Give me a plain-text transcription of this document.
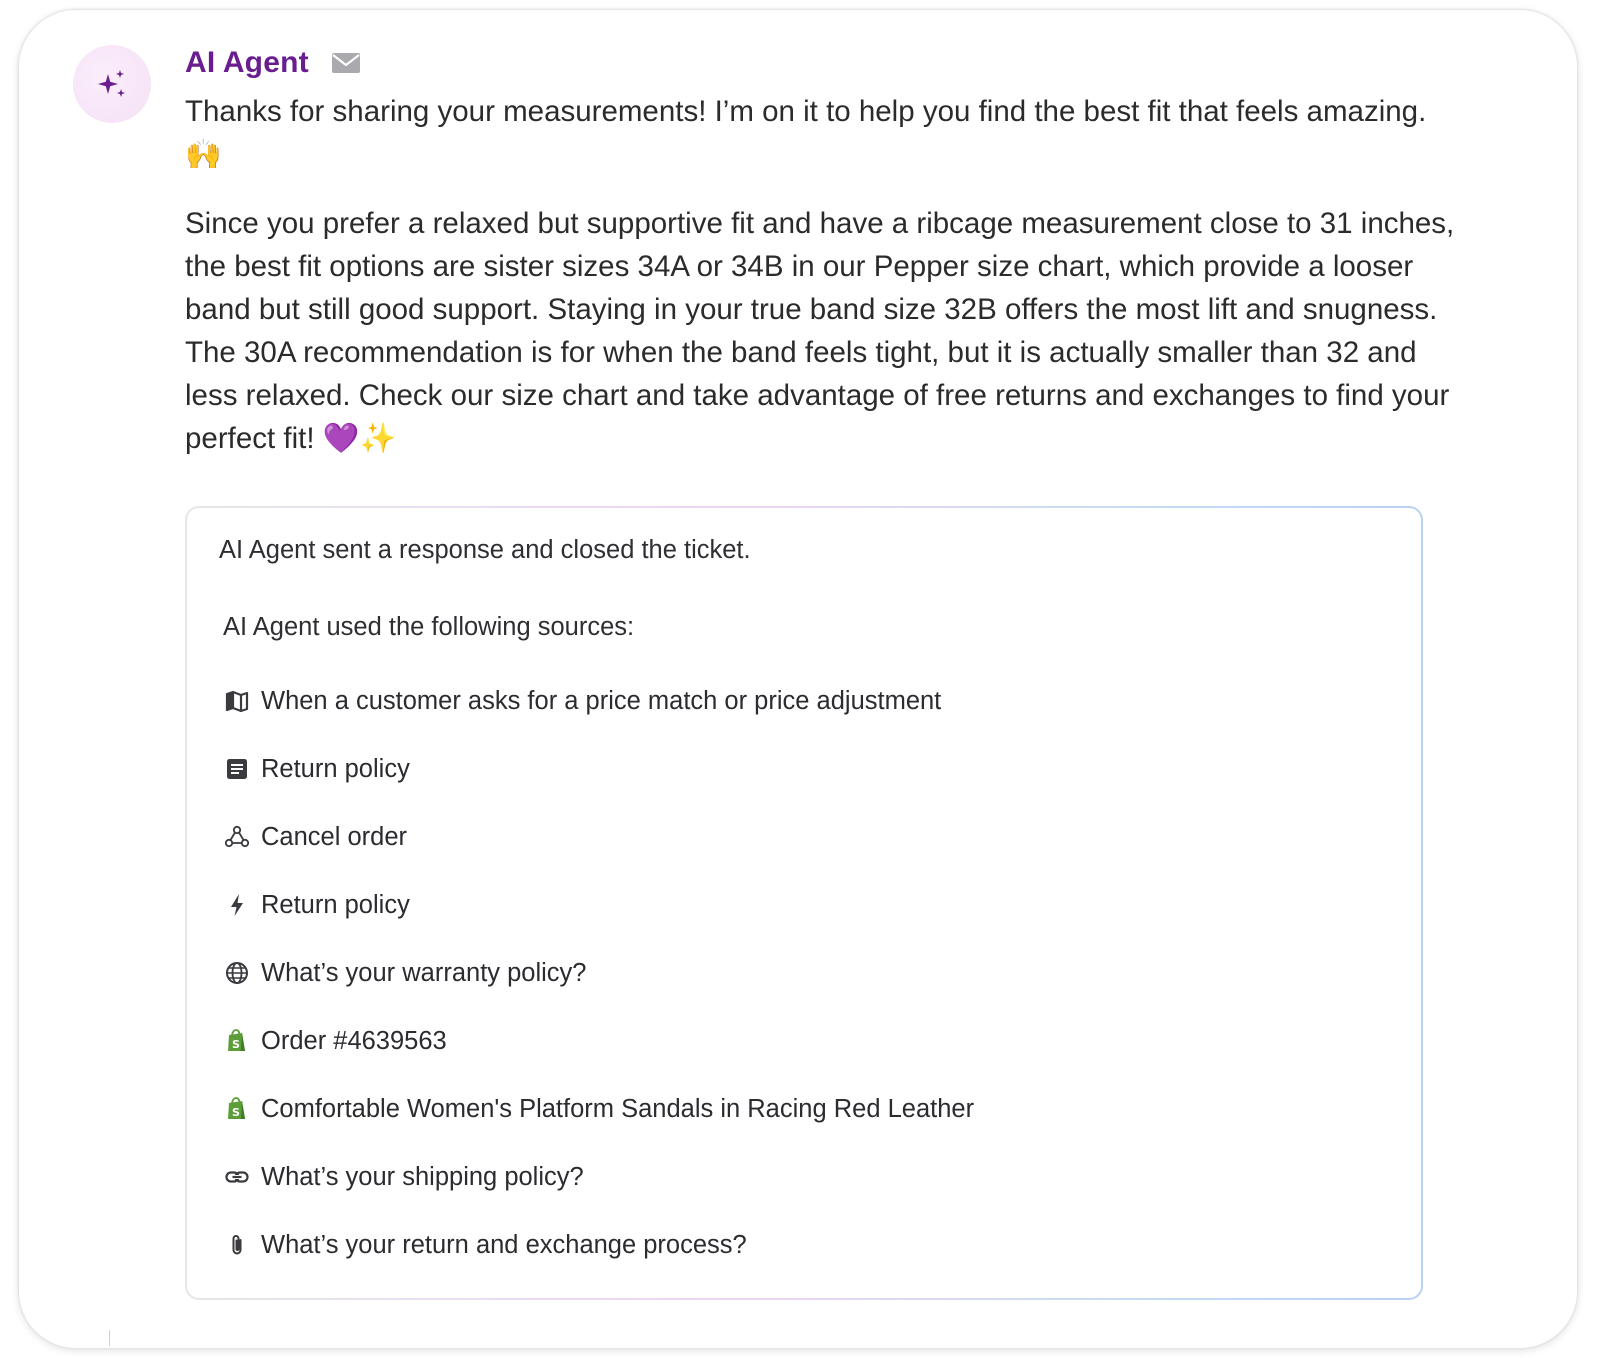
AI Agent

Thanks for sharing your measurements! I’m on it to help you find the best fit that feels amazing. 🙌

Since you prefer a relaxed but supportive fit and have a ribcage measurement close to 31 inches, the best fit options are sister sizes 34A or 34B in our Pepper size chart, which provide a looser band but still good support. Staying in your true band size 32B offers the most lift and snugness. The 30A recommendation is for when the band feels tight, but it is actually smaller than 32 and less relaxed. Check our size chart and take advantage of free returns and exchanges to find your perfect fit! 💜✨

AI Agent sent a response and closed the ticket.

AI Agent used the following sources:

When a customer asks for a price match or price adjustment
Return policy
Cancel order
Return policy
What’s your warranty policy?
S Order #4639563
S Comfortable Women's Platform Sandals in Racing Red Leather
What’s your shipping policy?
What’s your return and exchange process?
